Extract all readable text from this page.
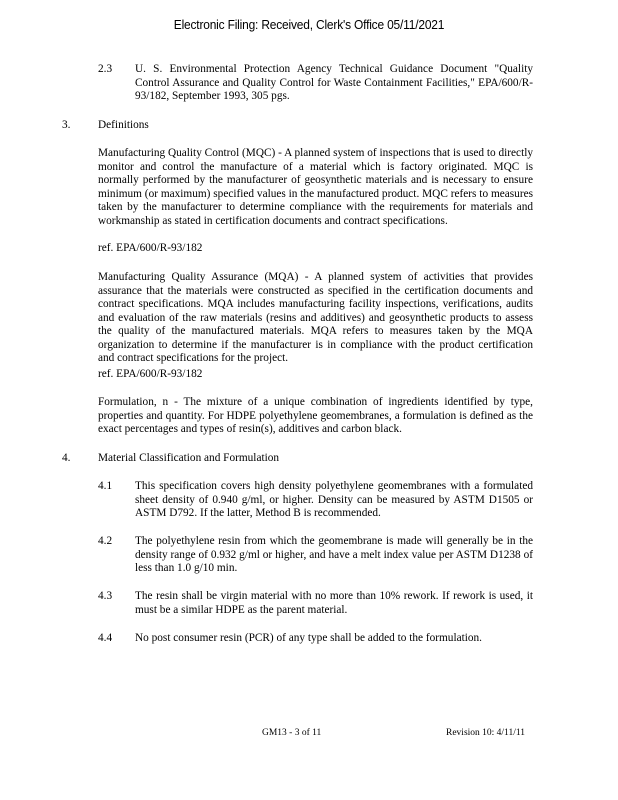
Electronic Filing: Received, Clerk's Office 05/11/2021
2.3 U. S. Environmental Protection Agency Technical Guidance Document "Quality Control Assurance and Quality Control for Waste Containment Facilities," EPA/600/R-93/182, September 1993, 305 pgs.
3. Definitions
Manufacturing Quality Control (MQC) - A planned system of inspections that is used to directly monitor and control the manufacture of a material which is factory originated. MQC is normally performed by the manufacturer of geosynthetic materials and is necessary to ensure minimum (or maximum) specified values in the manufactured product. MQC refers to measures taken by the manufacturer to determine compliance with the requirements for materials and workmanship as stated in certification documents and contract specifications.
ref. EPA/600/R-93/182
Manufacturing Quality Assurance (MQA) - A planned system of activities that provides assurance that the materials were constructed as specified in the certification documents and contract specifications. MQA includes manufacturing facility inspections, verifications, audits and evaluation of the raw materials (resins and additives) and geosynthetic products to assess the quality of the manufactured materials. MQA refers to measures taken by the MQA organization to determine if the manufacturer is in compliance with the product certification and contract specifications for the project.
ref. EPA/600/R-93/182
Formulation, n - The mixture of a unique combination of ingredients identified by type, properties and quantity. For HDPE polyethylene geomembranes, a formulation is defined as the exact percentages and types of resin(s), additives and carbon black.
4. Material Classification and Formulation
4.1 This specification covers high density polyethylene geomembranes with a formulated sheet density of 0.940 g/ml, or higher. Density can be measured by ASTM D1505 or ASTM D792. If the latter, Method B is recommended.
4.2 The polyethylene resin from which the geomembrane is made will generally be in the density range of 0.932 g/ml or higher, and have a melt index value per ASTM D1238 of less than 1.0 g/10 min.
4.3 The resin shall be virgin material with no more than 10% rework. If rework is used, it must be a similar HDPE as the parent material.
4.4 No post consumer resin (PCR) of any type shall be added to the formulation.
GM13 - 3 of 11	Revision 10: 4/11/11
